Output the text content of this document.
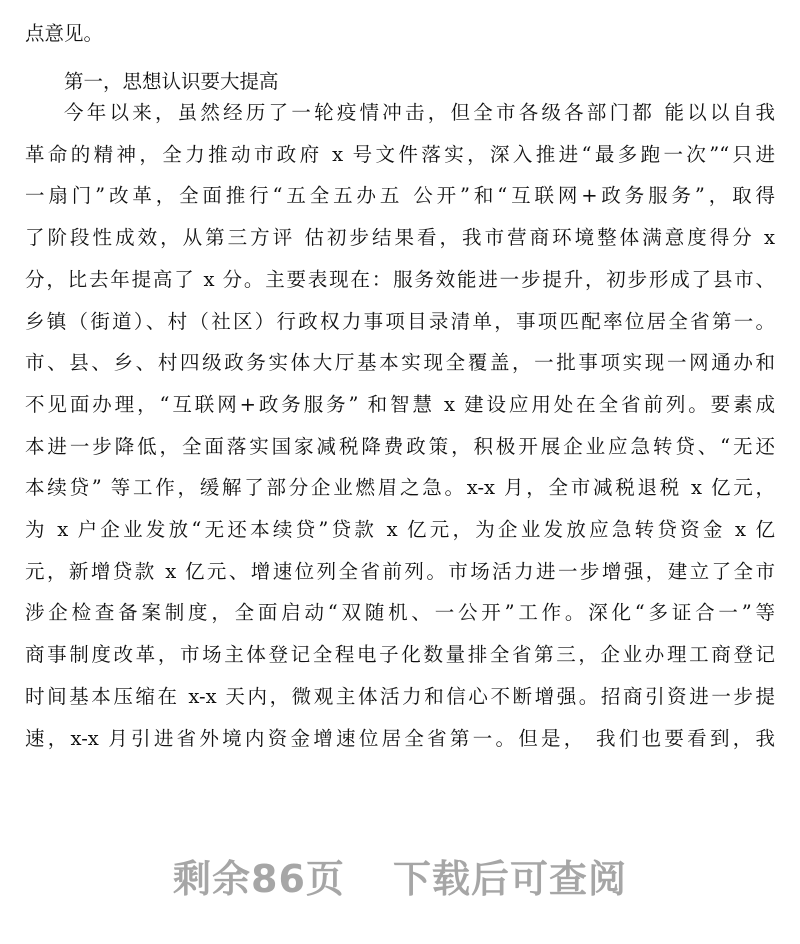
点意见。
第一，思想认识要大提高
今年以来，虽然经历了一轮疫情冲击，但全市各级各部门都 能以以自我
革命的精神，全力推动市政府 x 号文件落实，深入推进“最多跑一次”“只进
一扇门”改革，全面推行“五全五办五 公开”和“互联网+政务服务”，取得
了阶段性成效，从第三方评 估初步结果看，我市营商环境整体满意度得分 x
分，比去年提高了 x 分。主要表现在：服务效能进一步提升，初步形成了县市、
乡镇（街道）、村（社区）行政权力事项目录清单，事项匹配率位居全省第一。
市、县、乡、村四级政务实体大厅基本实现全覆盖，一批事项实现一网通办和
不见面办理，“互联网+政务服务” 和智慧 x 建设应用处在全省前列。要素成
本进一步降低，全面落实国家减税降费政策，积极开展企业应急转贷、“无还
本续贷” 等工作，缓解了部分企业燃眉之急。x-x 月，全市减税退税 x 亿元，
为 x 户企业发放“无还本续贷”贷款 x 亿元，为企业发放应急转贷资金 x 亿
元，新增贷款 x 亿元、增速位列全省前列。市场活力进一步增强，建立了全市
涉企检查备案制度，全面启动“双随机、一公开”工作。深化“多证合一”等
商事制度改革，市场主体登记全程电子化数量排全省第三，企业办理工商登记
时间基本压缩在 x-x 天内，微观主体活力和信心不断增强。招商引资进一步提
速，x-x 月引进省外境内资金增速位居全省第一。但是， 我们也要看到，我
剩余86页 下载后可查阅
